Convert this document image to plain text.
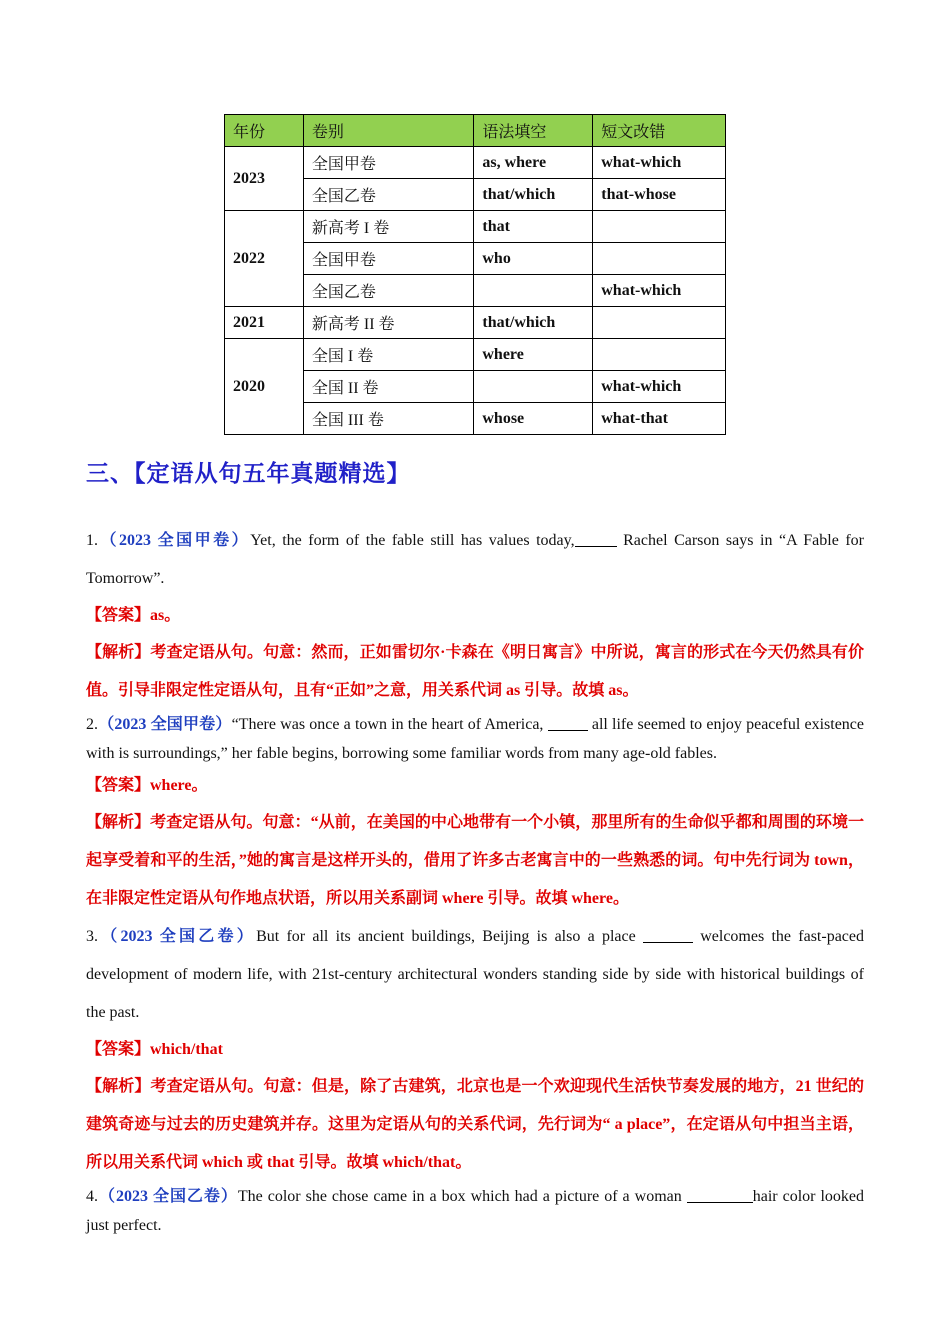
年份	卷别	语法填空	短文改错
2023	全国甲卷	as, where	what-which
	全国乙卷	that/which	that-whose
2022	新高考 I 卷	that	
	全国甲卷	who	
	全国乙卷		what-which
2021	新高考 II 卷	that/which	
2020	全国 I 卷	where	
	全国 II 卷		what-which
	全国 III 卷	whose	what-that
三、【定语从句五年真题精选】
1.（2023 全国甲卷）Yet, the form of the fable still has values today,	Rachel Carson says in “A Fable for Tomorrow”.
【答案】as。
【解析】考查定语从句。句意：然而，正如雷切尔·卡森在《明日寓言》中所说，寓言的形式在今天仍然具有价值。引导非限定性定语从句，且有“正如”之意，用关系代词 as 引导。故填 as。
2.（2023 全国甲卷）“There was once a town in the heart of America,	all life seemed to enjoy peaceful existence with is surroundings,” her fable begins, borrowing some familiar words from many age-old fables.
【答案】where。
【解析】考查定语从句。句意：“从前，在美国的中心地带有一个小镇，那里所有的生命似乎都和周围的环境一起享受着和平的生活，”她的寓言是这样开头的，借用了许多古老寓言中的一些熟悉的词。句中先行词为 town，在非限定性定语从句作地点状语，所以用关系副词 where 引导。故填 where。
3.（2023 全国乙卷）But for all its ancient buildings, Beijing is also a place	welcomes the fast-paced development of modern life, with 21st-century architectural wonders standing side by side with historical buildings of the past.
【答案】which/that
【解析】考查定语从句。句意：但是，除了古建筑，北京也是一个欢迎现代生活快节奏发展的地方，21 世纪的建筑奇迹与过去的历史建筑并存。这里为定语从句的关系代词，先行词为“ a place”，在定语从句中担当主语，所以用关系代词 which 或 that 引导。故填 which/that。
4.（2023 全国乙卷）The color she chose came in a box which had a picture of a woman	hair color looked just perfect.
